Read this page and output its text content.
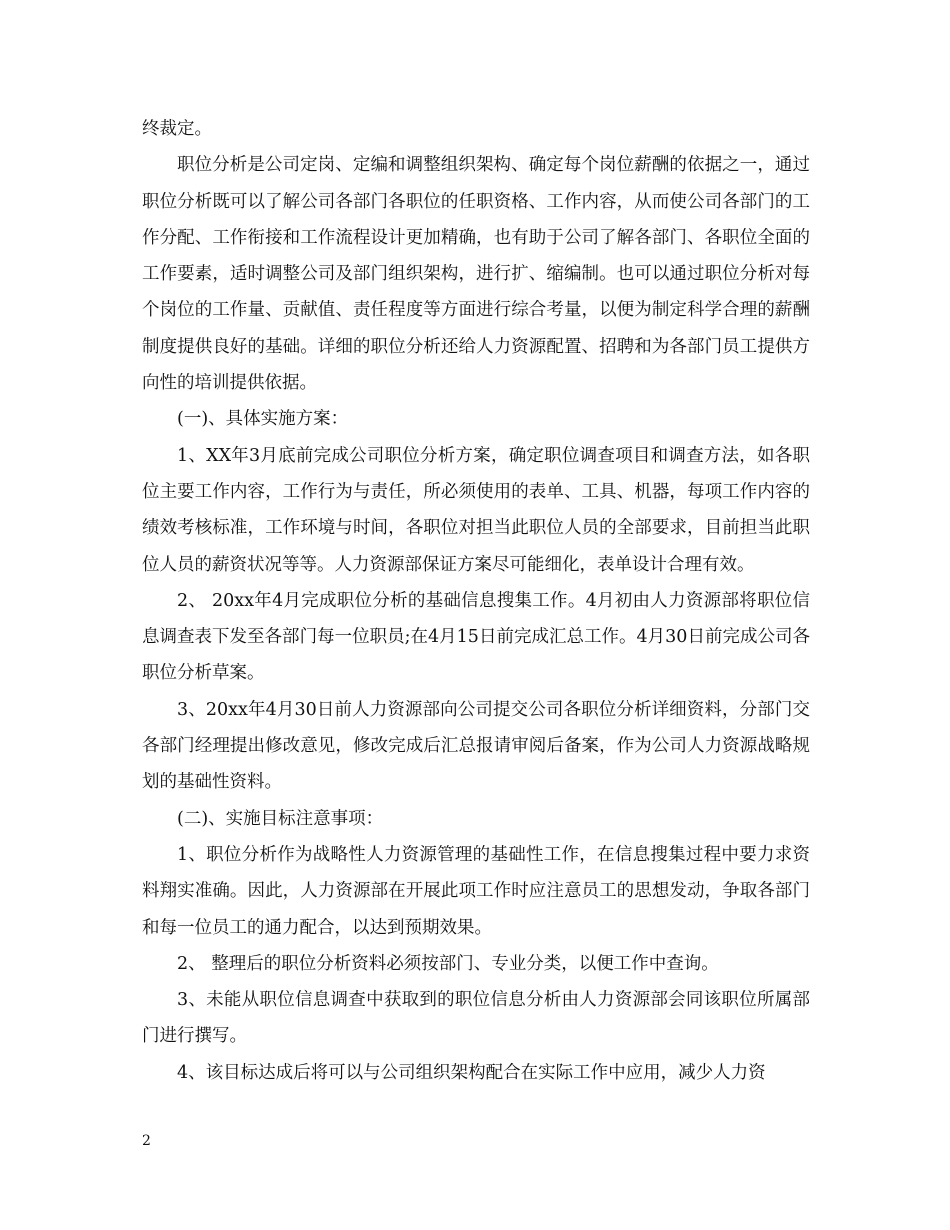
终裁定。

职位分析是公司定岗、定编和调整组织架构、确定每个岗位薪酬的依据之一，通过职位分析既可以了解公司各部门各职位的任职资格、工作内容，从而使公司各部门的工作分配、工作衔接和工作流程设计更加精确，也有助于公司了解各部门、各职位全面的工作要素，适时调整公司及部门组织架构，进行扩、缩编制。也可以通过职位分析对每个岗位的工作量、贡献值、责任程度等方面进行综合考量，以便为制定科学合理的薪酬制度提供良好的基础。详细的职位分析还给人力资源配置、招聘和为各部门员工提供方向性的培训提供依据。

(一)、具体实施方案：

1、XX年3月底前完成公司职位分析方案，确定职位调查项目和调查方法，如各职位主要工作内容，工作行为与责任，所必须使用的表单、工具、机器，每项工作内容的绩效考核标准，工作环境与时间，各职位对担当此职位人员的全部要求，目前担当此职位人员的薪资状况等等。人力资源部保证方案尽可能细化，表单设计合理有效。

2、 20xx年4月完成职位分析的基础信息搜集工作。4月初由人力资源部将职位信息调查表下发至各部门每一位职员;在4月15日前完成汇总工作。4月30日前完成公司各职位分析草案。

3、20xx年4月30日前人力资源部向公司提交公司各职位分析详细资料，分部门交各部门经理提出修改意见，修改完成后汇总报请审阅后备案，作为公司人力资源战略规划的基础性资料。

(二)、实施目标注意事项：

1、职位分析作为战略性人力资源管理的基础性工作，在信息搜集过程中要力求资料翔实准确。因此，人力资源部在开展此项工作时应注意员工的思想发动，争取各部门和每一位员工的通力配合，以达到预期效果。

2、 整理后的职位分析资料必须按部门、专业分类，以便工作中查询。

3、未能从职位信息调查中获取到的职位信息分析由人力资源部会同该职位所属部门进行撰写。

4、该目标达成后将可以与公司组织架构配合在实际工作中应用，减少人力资

2
